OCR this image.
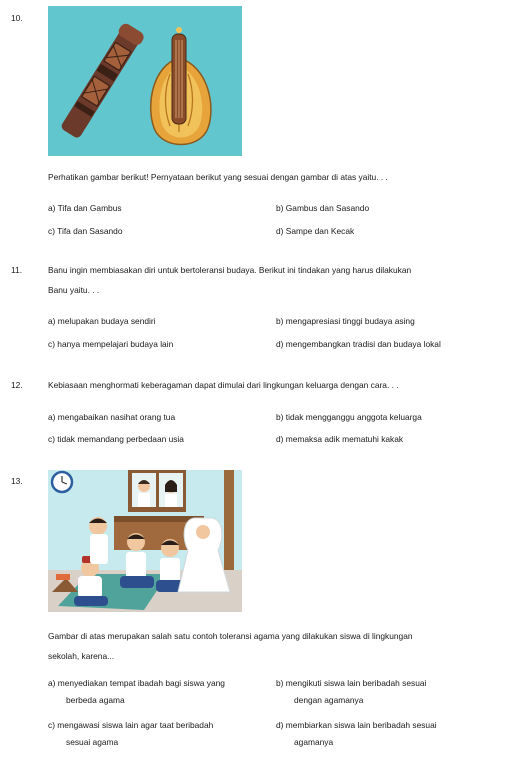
10.
Perhatikan gambar berikut! Pernyataan berikut yang sesuai dengan gambar di atas yaitu. . .
a) Tifa dan Gambus	b) Gambus dan Sasando
c) Tifa dan Sasando	d) Sampe dan Kecak
11.	Banu ingin membiasakan diri untuk bertoleransi budaya. Berikut ini tindakan yang harus dilakukan
Banu yaitu. . .
a) melupakan budaya sendiri	b) mengapresiasi tinggi budaya asing
c) hanya mempelajari budaya lain	d) mengembangkan tradisi dan budaya lokal
12.	Kebiasaan menghormati keberagaman dapat dimulai dari lingkungan keluarga dengan cara. . .
a) mengabaikan nasihat orang tua	b) tidak mengganggu anggota keluarga
c) tidak memandang perbedaan usia	d) memaksa adik mematuhi kakak
13.
Gambar di atas merupakan salah satu contoh toleransi agama yang dilakukan siswa di lingkungan
sekolah, karena...
a) menyediakan tempat ibadah bagi siswa yang
berbeda agama
b) mengikuti siswa lain beribadah sesuai
dengan agamanya
c) mengawasi siswa lain agar taat beribadah
sesuai agama
d) membiarkan siswa lain beribadah sesuai
agamanya
